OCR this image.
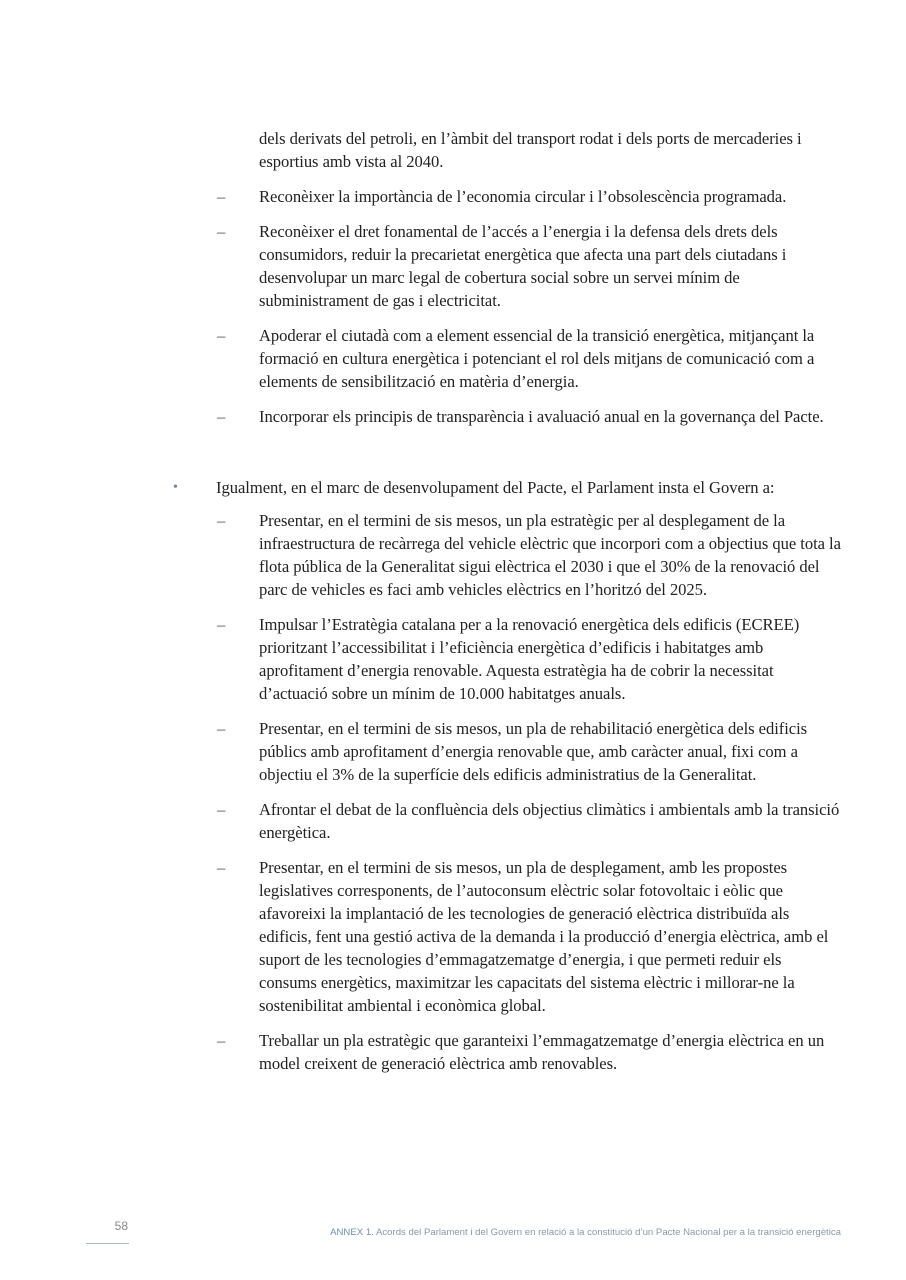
dels derivats del petroli, en l’àmbit del transport rodat i dels ports de mercaderies i esportius amb vista al 2040.
– Reconèixer la importància de l’economia circular i l’obsolescència programada.
– Reconèixer el dret fonamental de l’accés a l’energia i la defensa dels drets dels consumidors, reduir la precarietat energètica que afecta una part dels ciutadans i desenvolupar un marc legal de cobertura social sobre un servei mínim de subministrament de gas i electricitat.
– Apoderar el ciutadà com a element essencial de la transició energètica, mitjançant la formació en cultura energètica i potenciant el rol dels mitjans de comunicació com a elements de sensibilització en matèria d’energia.
– Incorporar els principis de transparència i avaluació anual en la governança del Pacte.
• Igualment, en el marc de desenvolupament del Pacte, el Parlament insta el Govern a:
– Presentar, en el termini de sis mesos, un pla estratègic per al desplegament de la infraestructura de recàrrega del vehicle elèctric que incorpori com a objectius que tota la flota pública de la Generalitat sigui elèctrica el 2030 i que el 30% de la renovació del parc de vehicles es faci amb vehicles elèctrics en l’horitzó del 2025.
– Impulsar l’Estratègia catalana per a la renovació energètica dels edificis (ECREE) prioritzant l’accessibilitat i l’eficiència energètica d’edificis i habitatges amb aprofitament d’energia renovable. Aquesta estratègia ha de cobrir la necessitat d’actuació sobre un mínim de 10.000 habitatges anuals.
– Presentar, en el termini de sis mesos, un pla de rehabilitació energètica dels edificis públics amb aprofitament d’energia renovable que, amb caràcter anual, fixi com a objectiu el 3% de la superfície dels edificis administratius de la Generalitat.
– Afrontar el debat de la confluència dels objectius climàtics i ambientals amb la transició energètica.
– Presentar, en el termini de sis mesos, un pla de desplegament, amb les propostes legislatives corresponents, de l’autoconsum elèctric solar fotovoltaic i eòlic que afavoreixi la implantació de les tecnologies de generació elèctrica distribuïda als edificis, fent una gestió activa de la demanda i la producció d’energia elèctrica, amb el suport de les tecnologies d’emmagatzematge d’energia, i que permeti reduir els consums energètics, maximitzar les capacitats del sistema elèctric i millorar-ne la sostenibilitat ambiental i econòmica global.
– Treballar un pla estratègic que garanteixi l’emmagatzematge d’energia elèctrica en un model creixent de generació elèctrica amb renovables.
58	ANNEX 1. Acords del Parlament i del Govern en relació a la constitució d’un Pacte Nacional per a la transició energètica
